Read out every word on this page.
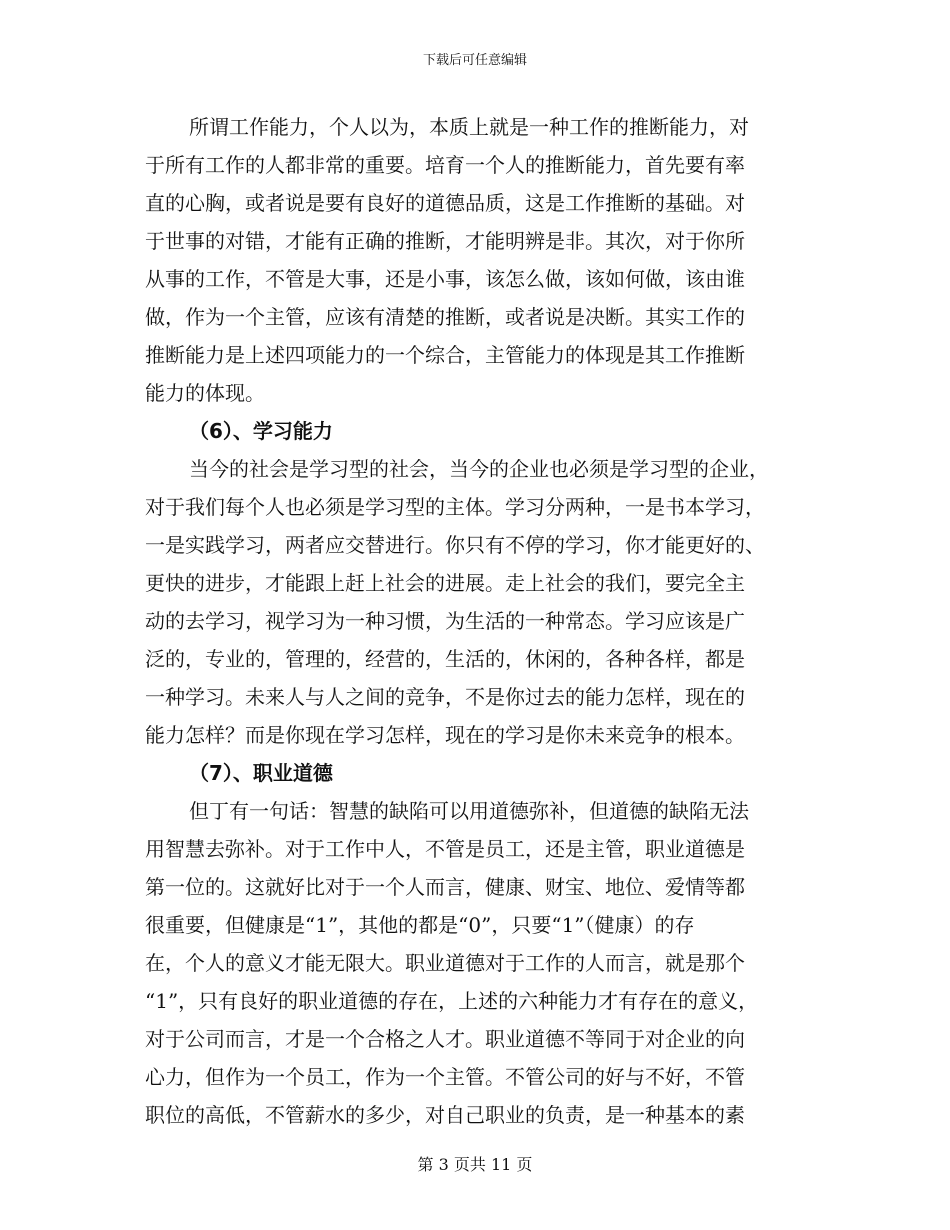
下载后可任意编辑
所谓工作能力，个人以为，本质上就是一种工作的推断能力，对
于所有工作的人都非常的重要。培育一个人的推断能力，首先要有率
直的心胸，或者说是要有良好的道德品质，这是工作推断的基础。对
于世事的对错，才能有正确的推断，才能明辨是非。其次，对于你所
从事的工作，不管是大事，还是小事，该怎么做，该如何做，该由谁
做，作为一个主管，应该有清楚的推断，或者说是决断。其实工作的
推断能力是上述四项能力的一个综合，主管能力的体现是其工作推断
能力的体现。
（6）、学习能力
当今的社会是学习型的社会，当今的企业也必须是学习型的企业，
对于我们每个人也必须是学习型的主体。学习分两种，一是书本学习，
一是实践学习，两者应交替进行。你只有不停的学习，你才能更好的、
更快的进步，才能跟上赶上社会的进展。走上社会的我们，要完全主
动的去学习，视学习为一种习惯，为生活的一种常态。学习应该是广
泛的，专业的，管理的，经营的，生活的，休闲的，各种各样，都是
一种学习。未来人与人之间的竞争，不是你过去的能力怎样，现在的
能力怎样？而是你现在学习怎样，现在的学习是你未来竞争的根本。
（7）、职业道德
但丁有一句话：智慧的缺陷可以用道德弥补，但道德的缺陷无法
用智慧去弥补。对于工作中人，不管是员工，还是主管，职业道德是
第一位的。这就好比对于一个人而言，健康、财宝、地位、爱情等都
很重要，但健康是“1”，其他的都是“0”，只要“1”（健康）的存
在，个人的意义才能无限大。职业道德对于工作的人而言，就是那个
“1”，只有良好的职业道德的存在，上述的六种能力才有存在的意义，
对于公司而言，才是一个合格之人才。职业道德不等同于对企业的向
心力，但作为一个员工，作为一个主管。不管公司的好与不好，不管
职位的高低，不管薪水的多少，对自己职业的负责，是一种基本的素
第 3 页共 11 页
